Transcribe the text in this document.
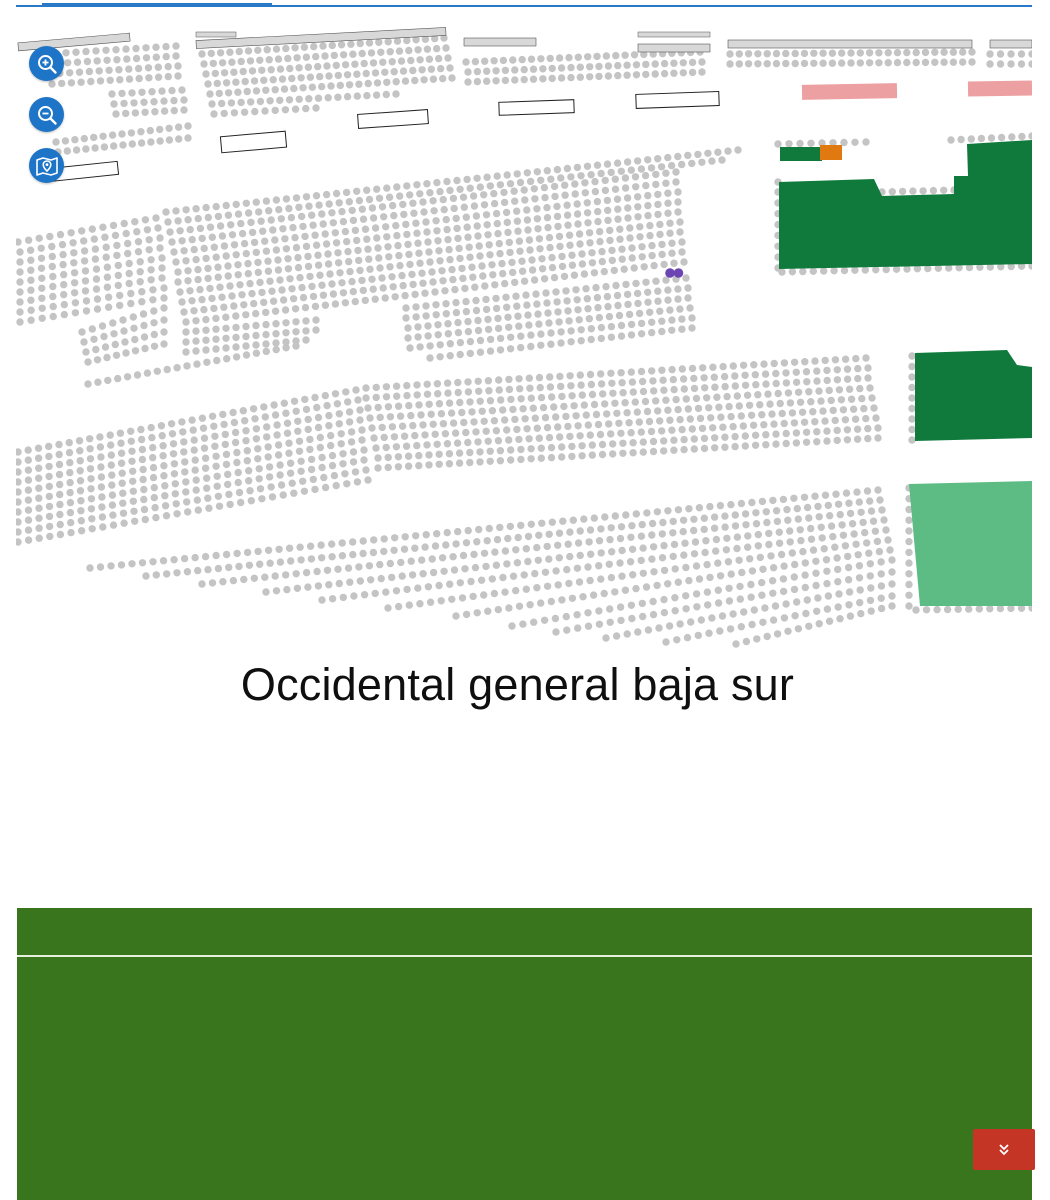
Occidental general baja sur
